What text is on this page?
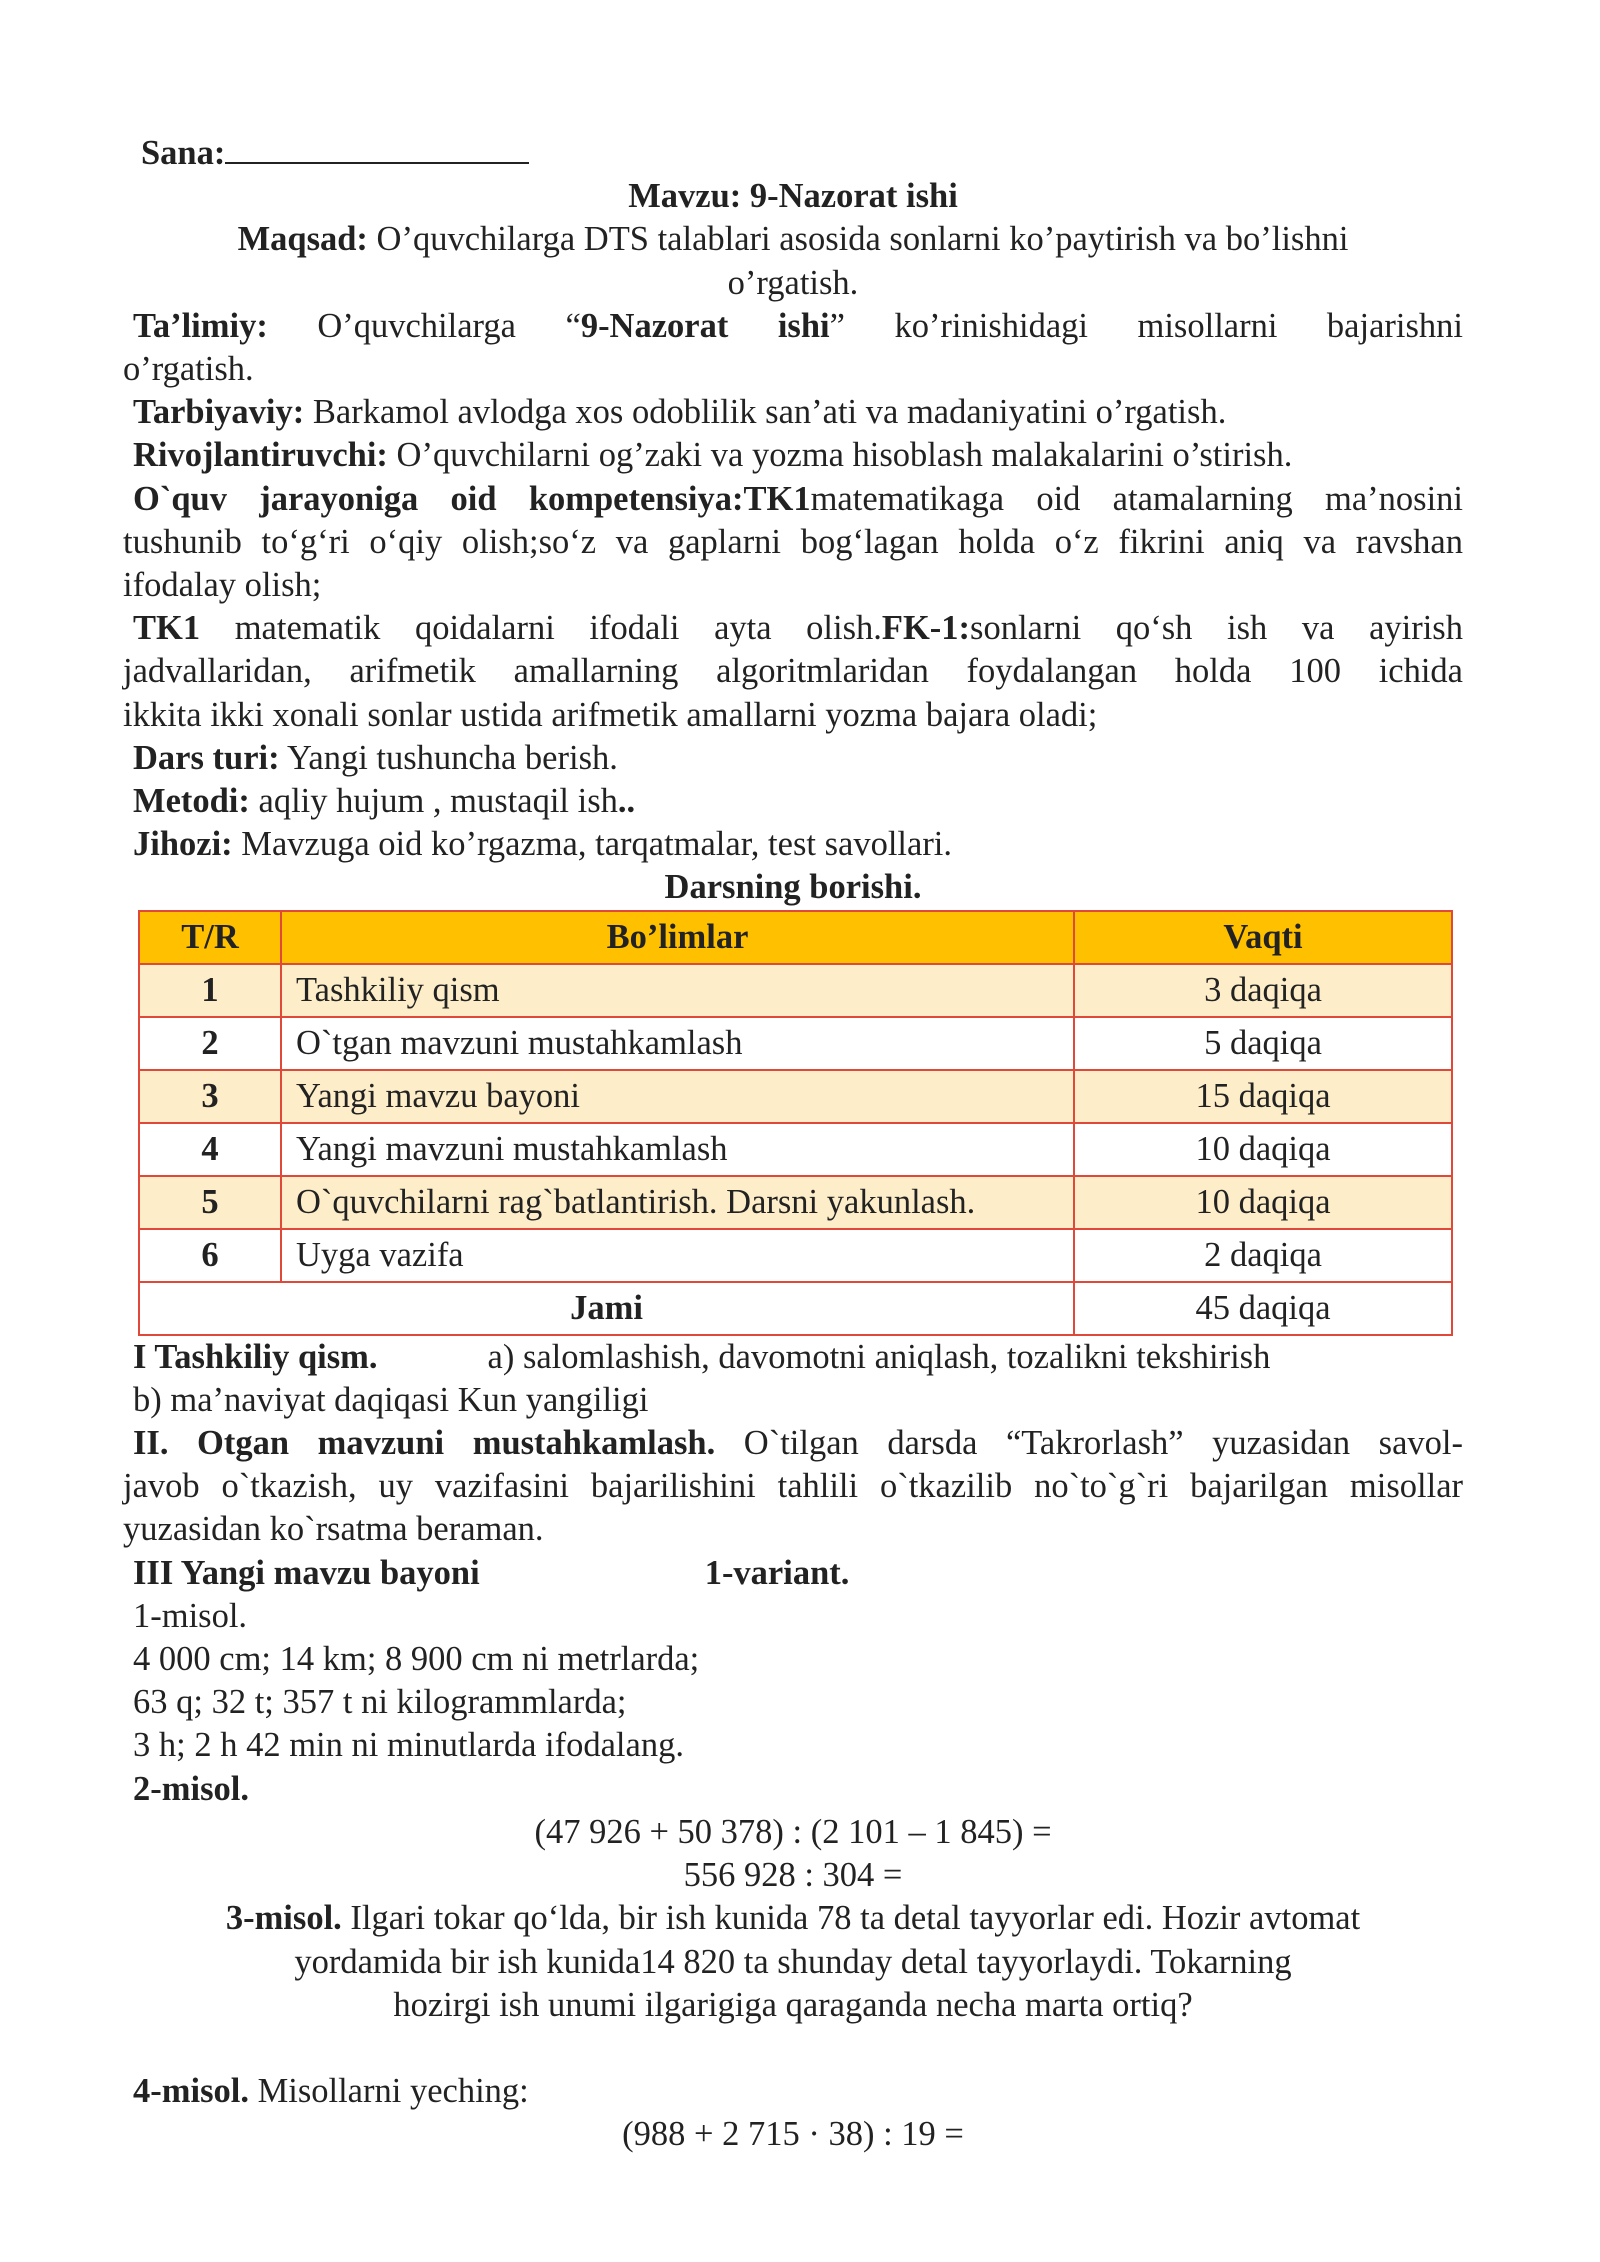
Sana:
Mavzu: 9-Nazorat ishi
Maqsad: O’quvchilarga DTS talablari asosida sonlarni ko’paytirish va bo’lishni
o’rgatish.
Ta’limiy: O’quvchilarga “9-Nazorat ishi” ko’rinishidagi misollarni bajarishni
o’rgatish.
Tarbiyaviy: Barkamol avlodga xos odoblilik san’ati va madaniyatini o’rgatish.
Rivojlantiruvchi: O’quvchilarni og’zaki va yozma hisoblash malakalarini o’stirish.
O`quv jarayoniga oid kompetensiya:TK1matematikaga oid atamalarning ma’nosini
tushunib to‘g‘ri o‘qiy olish;so‘z va gaplarni bog‘lagan holda o‘z fikrini aniq va ravshan
ifodalay olish;
TK1 matematik qoidalarni ifodali ayta olish.FK-1:sonlarni qo‘sh ish va ayirish
jadvallaridan, arifmetik amallarning algoritmlaridan foydalangan holda 100 ichida
ikkita ikki xonali sonlar ustida arifmetik amallarni yozma bajara oladi;
Dars turi: Yangi tushuncha berish.
Metodi: aqliy hujum , mustaqil ish..
Jihozi: Mavzuga oid ko’rgazma, tarqatmalar, test savollari.
Darsning borishi.
T/R	Bo’limlar	Vaqti
1	Tashkiliy qism	3 daqiqa
2	O`tgan mavzuni mustahkamlash	5 daqiqa
3	Yangi mavzu bayoni	15 daqiqa
4	Yangi mavzuni mustahkamlash	10 daqiqa
5	O`quvchilarni rag`batlantirish. Darsni yakunlash.	10 daqiqa
6	Uyga vazifa	2 daqiqa
Jami		45 daqiqa
I Tashkiliy qism.	a) salomlashish, davomotni aniqlash, tozalikni tekshirish
b) ma’naviyat daqiqasi Kun yangiligi
II. Otgan mavzuni mustahkamlash. O`tilgan darsda “Takrorlash” yuzasidan savol-
javob o`tkazish, uy vazifasini bajarilishini tahlili o`tkazilib no`to`g`ri bajarilgan misollar
yuzasidan ko`rsatma beraman.
III Yangi mavzu bayoni	1-variant.
1-misol.
4 000 cm; 14 km; 8 900 cm ni metrlarda;
63 q; 32 t; 357 t ni kilogrammlarda;
3 h; 2 h 42 min ni minutlarda ifodalang.
2-misol.
(47 926 + 50 378) : (2 101 – 1 845) =
556 928 : 304 =
3-misol. Ilgari tokar qo‘lda, bir ish kunida 78 ta detal tayyorlar edi. Hozir avtomat
yordamida bir ish kunida14 820 ta shunday detal tayyorlaydi. Tokarning
hozirgi ish unumi ilgarigiga qaraganda necha marta ortiq?
4-misol. Misollarni yeching:
(988 + 2 715 · 38) : 19 =
